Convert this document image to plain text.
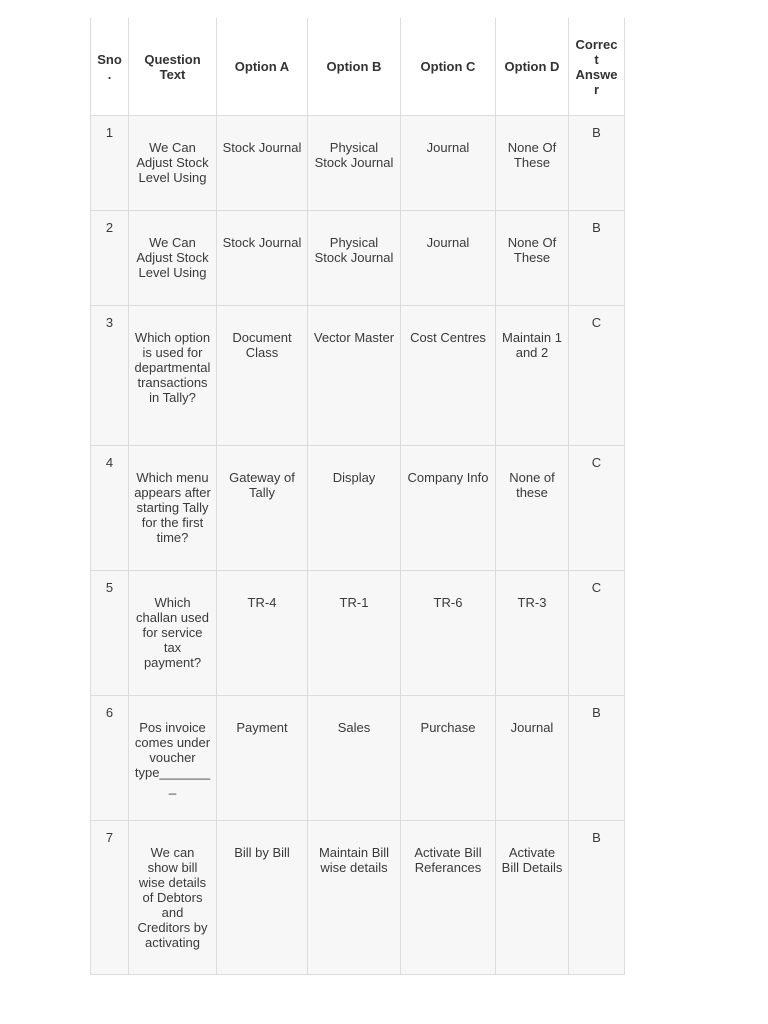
Sno.	Question Text	Option A	Option B	Option C	Option D	Correct Answer
1	We Can Adjust Stock Level Using	Stock Journal	Physical Stock Journal	Journal	None Of These	B
2	We Can Adjust Stock Level Using	Stock Journal	Physical Stock Journal	Journal	None Of These	B
3	Which option is used for departmental transactions in Tally?	Document Class	Vector Master	Cost Centres	Maintain 1 and 2	C
4	Which menu appears after starting Tally for the first time?	Gateway of Tally	Display	Company Info	None of these	C
5	Which challan used for service tax payment?	TR-4	TR-1	TR-6	TR-3	C
6	Pos invoice comes under voucher type________	Payment	Sales	Purchase	Journal	B
7	We can show bill wise details of Debtors and Creditors by activating	Bill by Bill	Maintain Bill wise details	Activate Bill Referances	Activate Bill Details	B
